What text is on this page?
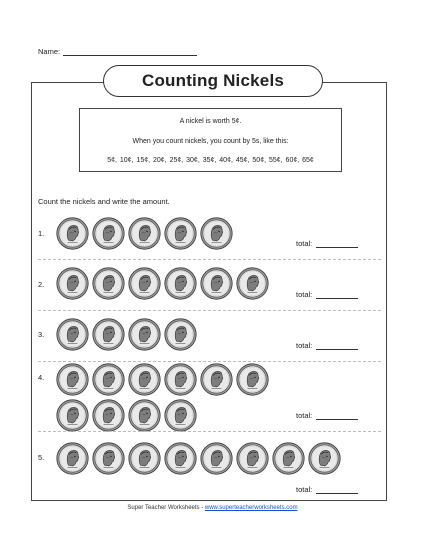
Name:
Counting Nickels
A nickel is worth 5¢.
When you count nickels, you count by 5s, like this:
5¢, 10¢, 15¢, 20¢, 25¢, 30¢, 35¢, 40¢, 45¢, 50¢, 55¢, 60¢, 65¢
Count the nickels and write the amount.
1.
total:
2.
total:
3.
total:
4.
total:
5.
total:
Super Teacher Worksheets - www.superteacherworksheets.com
